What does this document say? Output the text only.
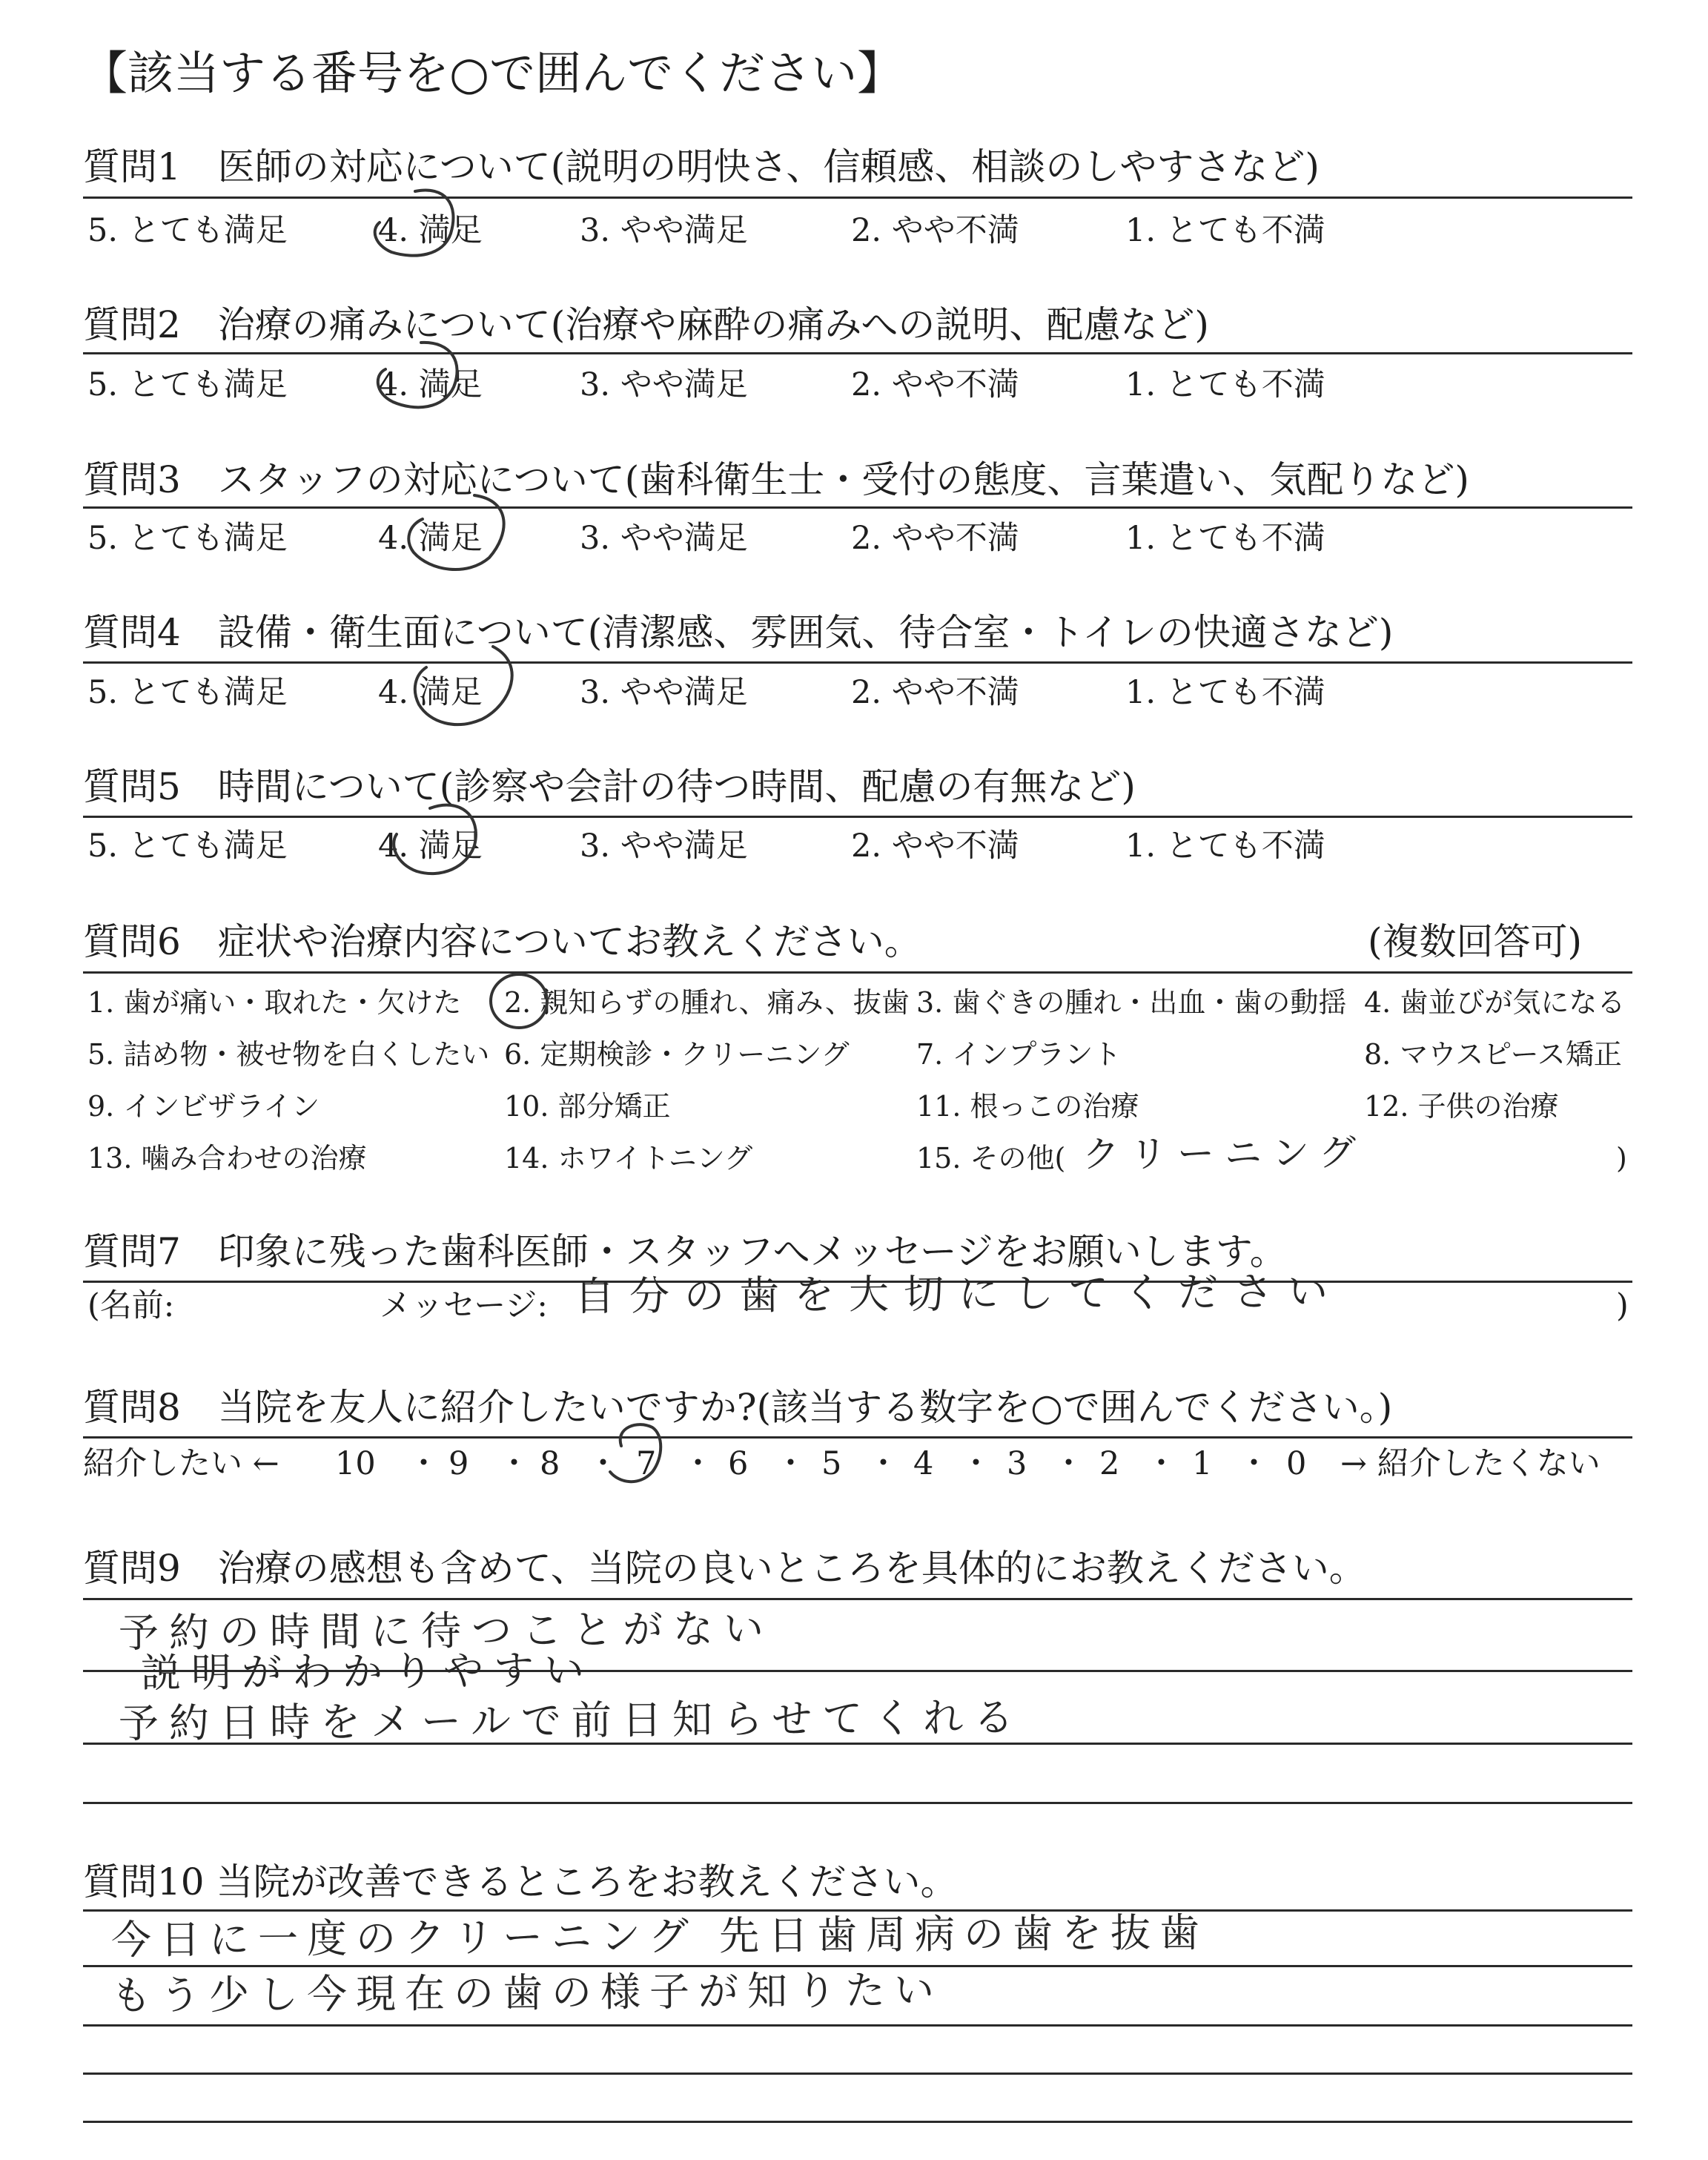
【該当する番号を○で囲んでください】
質問1　医師の対応について(説明の明快さ、信頼感、相談のしやすさなど)
5. とても満足	4. 満足	3. やや満足	2. やや不満	1. とても不満
質問2　治療の痛みについて(治療や麻酔の痛みへの説明、配慮など)
5. とても満足	4. 満足	3. やや満足	2. やや不満	1. とても不満
質問3　スタッフの対応について(歯科衛生士・受付の態度、言葉遣い、気配りなど)
5. とても満足	4. 満足	3. やや満足	2. やや不満	1. とても不満
質問4　設備・衛生面について(清潔感、雰囲気、待合室・トイレの快適さなど)
5. とても満足	4. 満足	3. やや満足	2. やや不満	1. とても不満
質問5　時間について(診察や会計の待つ時間、配慮の有無など)
5. とても満足	4. 満足	3. やや満足	2. やや不満	1. とても不満
質問6　症状や治療内容についてお教えください。	(複数回答可)
1. 歯が痛い・取れた・欠けた 2. 親知らずの腫れ、痛み、抜歯 3. 歯ぐきの腫れ・出血・歯の動揺 4. 歯並びが気になる
5. 詰め物・被せ物を白くしたい 6. 定期検診・クリーニング 7. インプラント	8. マウスピース矯正
9. インビザライン	10. 部分矯正	11. 根っこの治療	12. 子供の治療
13. 噛み合わせの治療	14. ホワイトニング	15. その他(	)
クリーニング
質問7　印象に残った歯科医師・スタッフへメッセージをお願いします。
(名前:	メッセージ: 自分の歯を大切にしてください	)
質問8　当院を友人に紹介したいですか?(該当する数字を○で囲んでください。)
紹介したい ← 10 ・ 9 ・ 8 ・ 7 ・ 6 ・ 5 ・ 4 ・ 3 ・ 2 ・ 1 ・ 0 → 紹介したくない
質問9　治療の感想も含めて、当院の良いところを具体的にお教えください。
予約の時間に待つことがない
説明がわかりやすい
予約日時をメールで前日知らせてくれる
質問10 当院が改善できるところをお教えください。
今日に一度のクリーニング 先日歯周病の歯を抜歯
もう少し今現在の歯の様子が知りたい
